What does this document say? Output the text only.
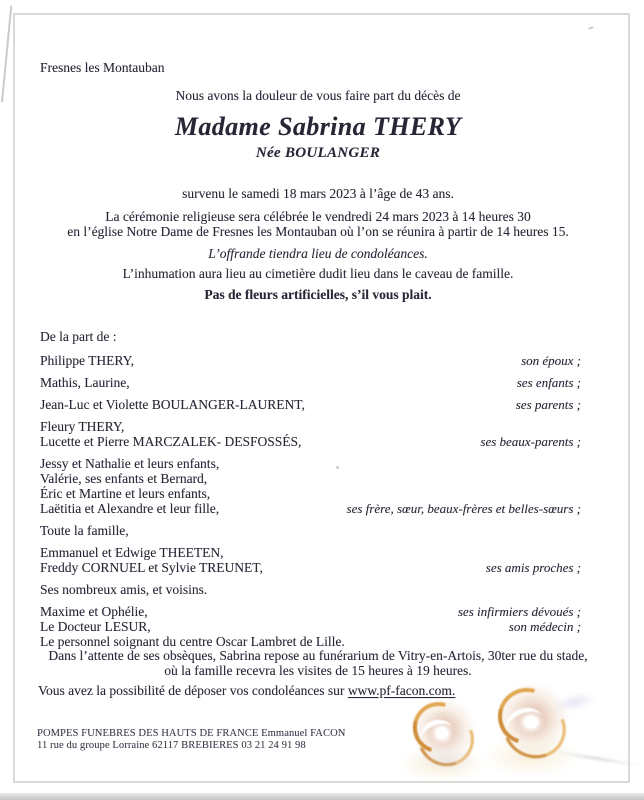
Fresnes les Montauban
Nous avons la douleur de vous faire part du décès de
Madame Sabrina THERY
Née BOULANGER
survenu le samedi 18 mars 2023 à l’âge de 43 ans.
La cérémonie religieuse sera célébrée le vendredi 24 mars 2023 à 14 heures 30
en l’église Notre Dame de Fresnes les Montauban où l’on se réunira à partir de 14 heures 15.
L’offrande tiendra lieu de condoléances.
L’inhumation aura lieu au cimetière dudit lieu dans le caveau de famille.
Pas de fleurs artificielles, s’il vous plait.
De la part de :
Philippe THERY,	son époux ;
Mathis, Laurine,	ses enfants ;
Jean-Luc et Violette BOULANGER-LAURENT,	ses parents ;
Fleury THERY,
Lucette et Pierre MARCZALEK- DESFOSSÉS,	ses beaux-parents ;
Jessy et Nathalie et leurs enfants,
Valérie, ses enfants et Bernard,
Éric et Martine et leurs enfants,
Laëtitia et Alexandre et leur fille,	ses frère, sœur, beaux-frères et belles-sœurs ;
Toute la famille,
Emmanuel et Edwige THEETEN,
Freddy CORNUEL et Sylvie TREUNET,	ses amis proches ;
Ses nombreux amis, et voisins.
Maxime et Ophélie,	ses infirmiers dévoués ;
Le Docteur LESUR,	son médecin ;
Le personnel soignant du centre Oscar Lambret de Lille.
Dans l’attente de ses obsèques, Sabrina repose au funérarium de Vitry-en-Artois, 30ter rue du stade,
où la famille recevra les visites de 15 heures à 19 heures.
Vous avez la possibilité de déposer vos condoléances sur www.pf-facon.com.
POMPES FUNEBRES DES HAUTS DE FRANCE Emmanuel FACON
11 rue du groupe Lorraine 62117 BREBIERES 03 21 24 91 98
